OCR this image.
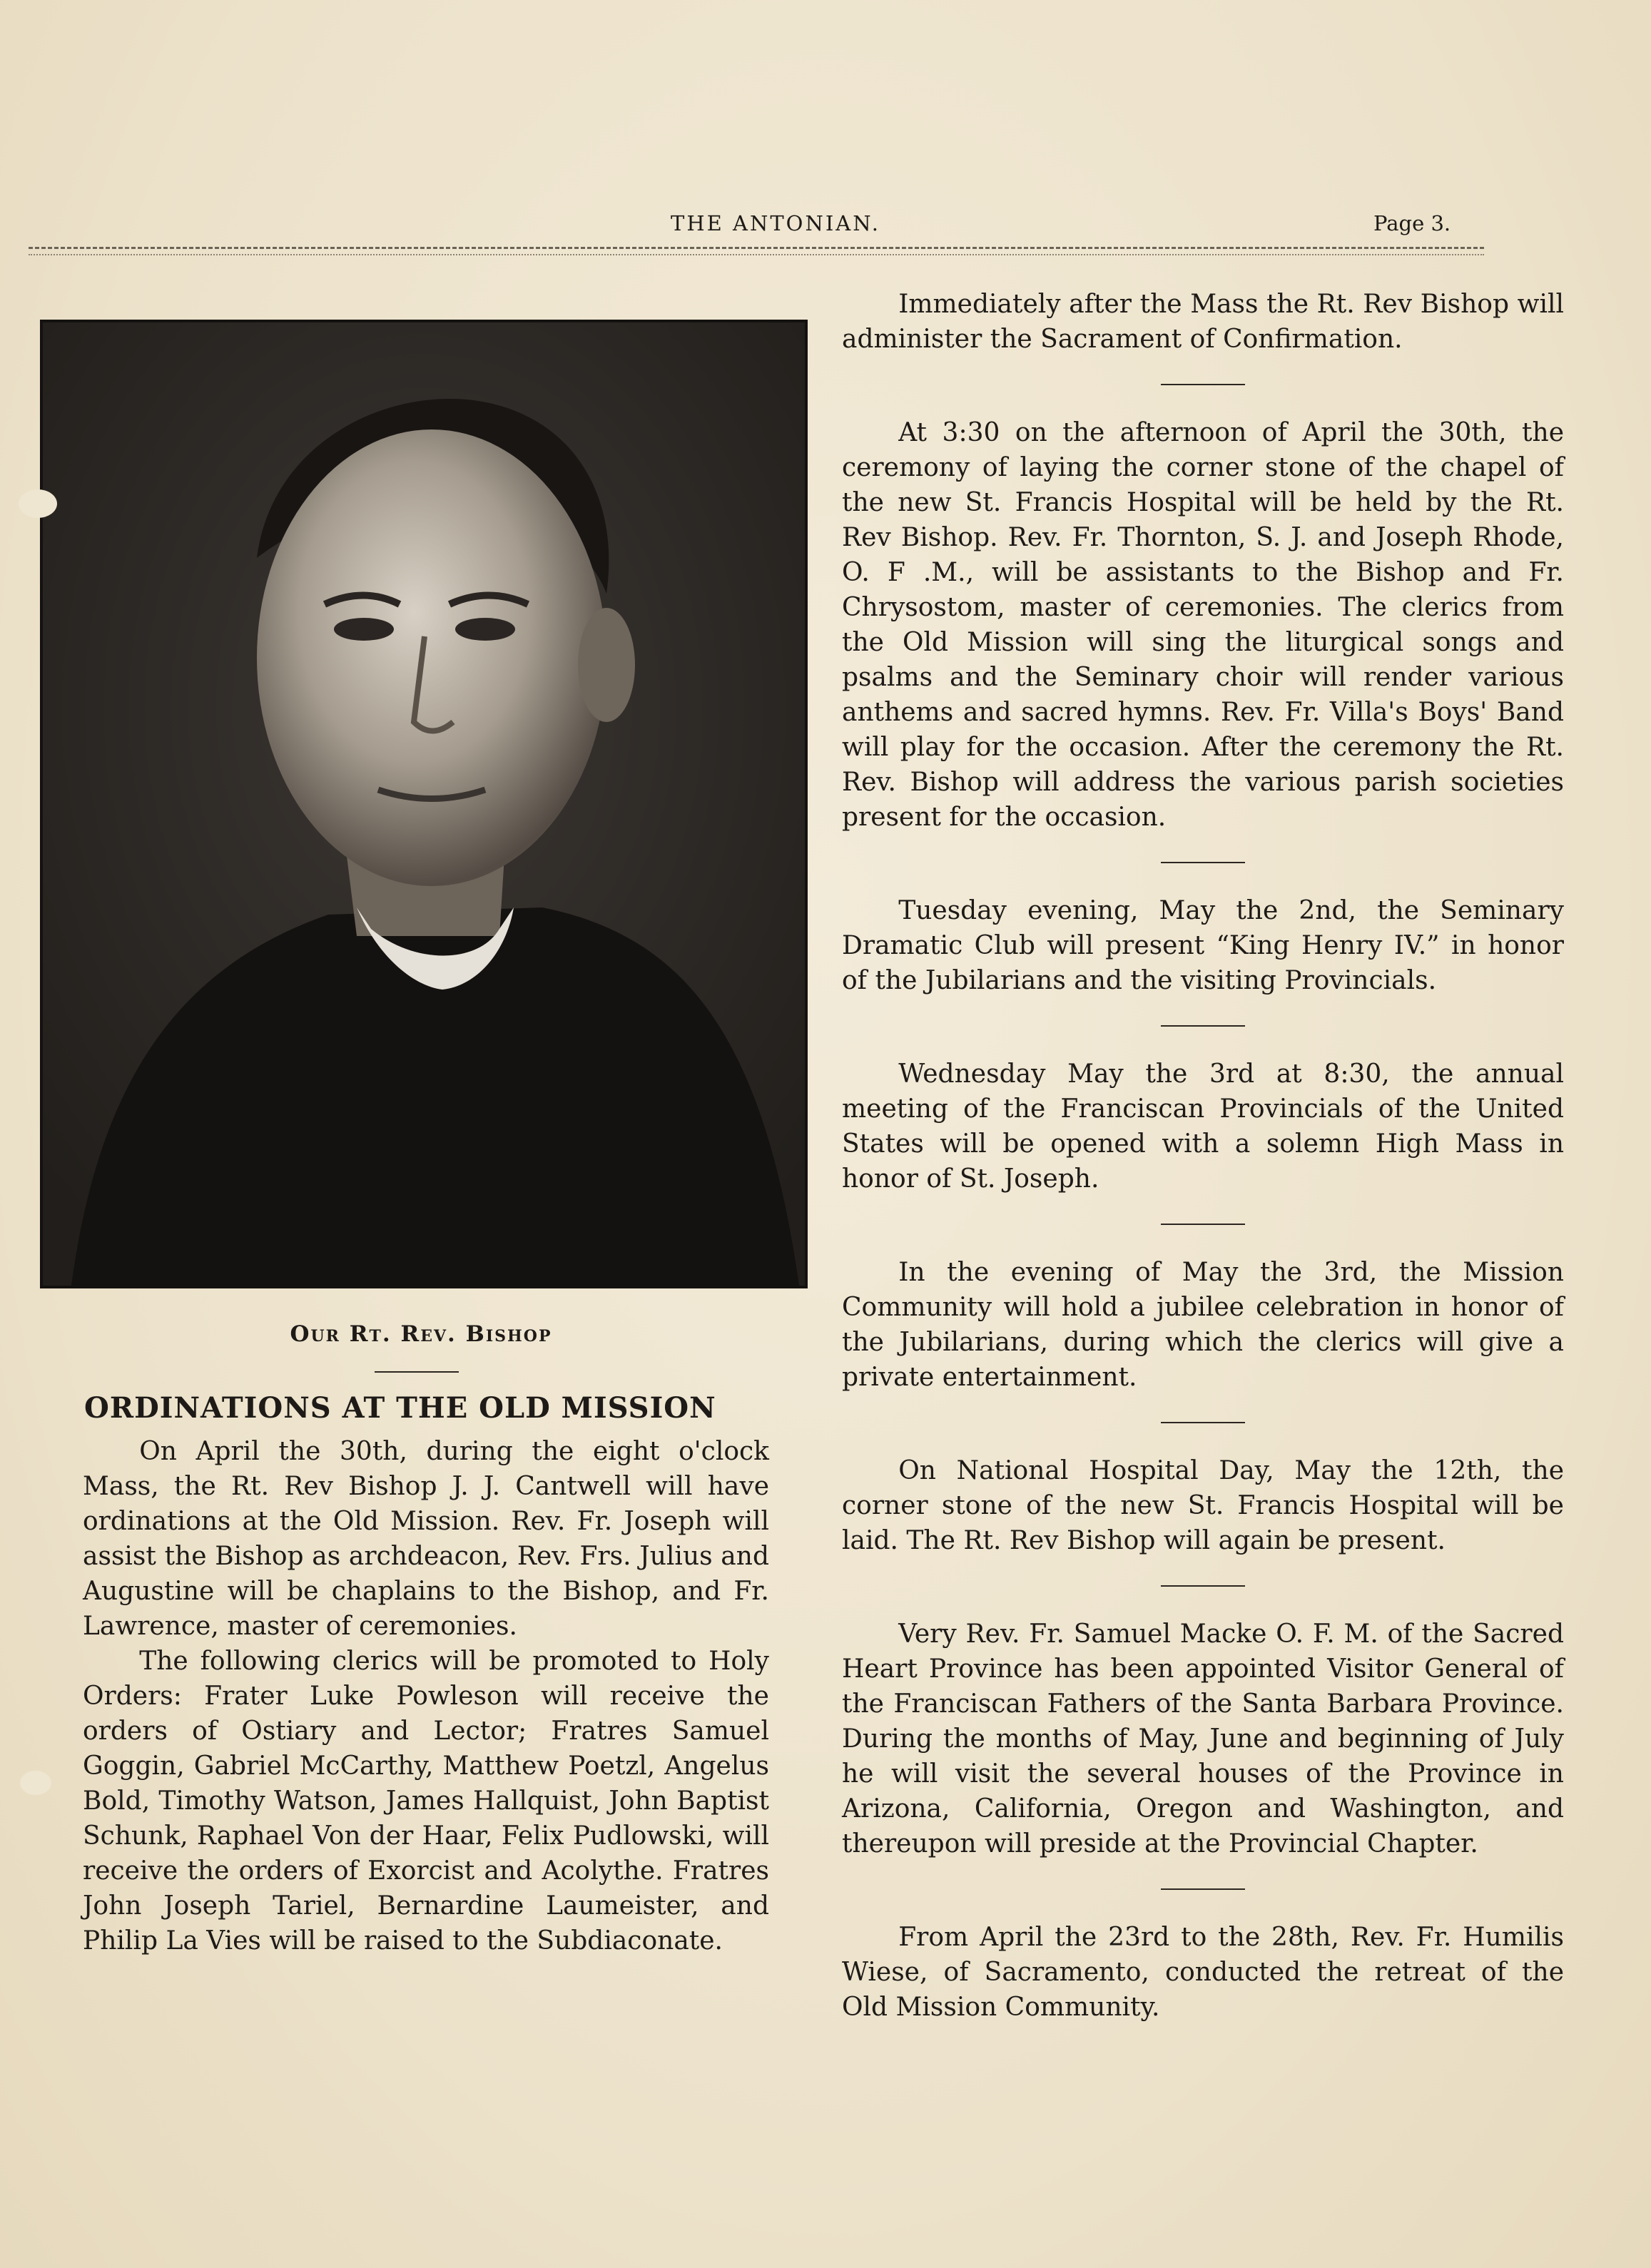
THE ANTONIAN.	Page 3.
Our Rt. Rev. Bishop
ORDINATIONS AT THE OLD MISSION

On April the 30th, during the eight o'clock Mass, the Rt. Rev Bishop J. J. Cantwell will have ordinations at the Old Mission. Rev. Fr. Joseph will assist the Bishop as archdeacon, Rev. Frs. Julius and Augustine will be chaplains to the Bishop, and Fr. Lawrence, master of ceremonies.

The following clerics will be promoted to Holy Orders: Frater Luke Powleson will receive the orders of Ostiary and Lector; Fratres Samuel Goggin, Gabriel McCarthy, Matthew Poetzl, Angelus Bold, Timothy Watson, James Hallquist, John Baptist Schunk, Raphael Von der Haar, Felix Pudlowski, will receive the orders of Exorcist and Acolythe. Fratres John Joseph Tariel, Bernardine Laumeister, and Philip La Vies will be raised to the Subdiaconate.

Immediately after the Mass the Rt. Rev Bishop will administer the Sacrament of Confirmation.

At 3:30 on the afternoon of April the 30th, the ceremony of laying the corner stone of the chapel of the new St. Francis Hospital will be held by the Rt. Rev Bishop. Rev. Fr. Thornton, S. J. and Joseph Rhode, O. F .M., will be assistants to the Bishop and Fr. Chrysostom, master of ceremonies. The clerics from the Old Mission will sing the liturgical songs and psalms and the Seminary choir will render various anthems and sacred hymns. Rev. Fr. Villa's Boys' Band will play for the occasion. After the ceremony the Rt. Rev. Bishop will address the various parish societies present for the occasion.

Tuesday evening, May the 2nd, the Seminary Dramatic Club will present “King Henry IV.” in honor of the Jubilarians and the visiting Provincials.

Wednesday May the 3rd at 8:30, the annual meeting of the Franciscan Provincials of the United States will be opened with a solemn High Mass in honor of St. Joseph.

In the evening of May the 3rd, the Mission Community will hold a jubilee celebration in honor of the Jubilarians, during which the clerics will give a private entertainment.

On National Hospital Day, May the 12th, the corner stone of the new St. Francis Hospital will be laid. The Rt. Rev Bishop will again be present.

Very Rev. Fr. Samuel Macke O. F. M. of the Sacred Heart Province has been appointed Visitor General of the Franciscan Fathers of the Santa Barbara Province. During the months of May, June and beginning of July he will visit the several houses of the Province in Arizona, California, Oregon and Washington, and thereupon will preside at the Provincial Chapter.

From April the 23rd to the 28th, Rev. Fr. Humilis Wiese, of Sacramento, conducted the retreat of the Old Mission Community.
